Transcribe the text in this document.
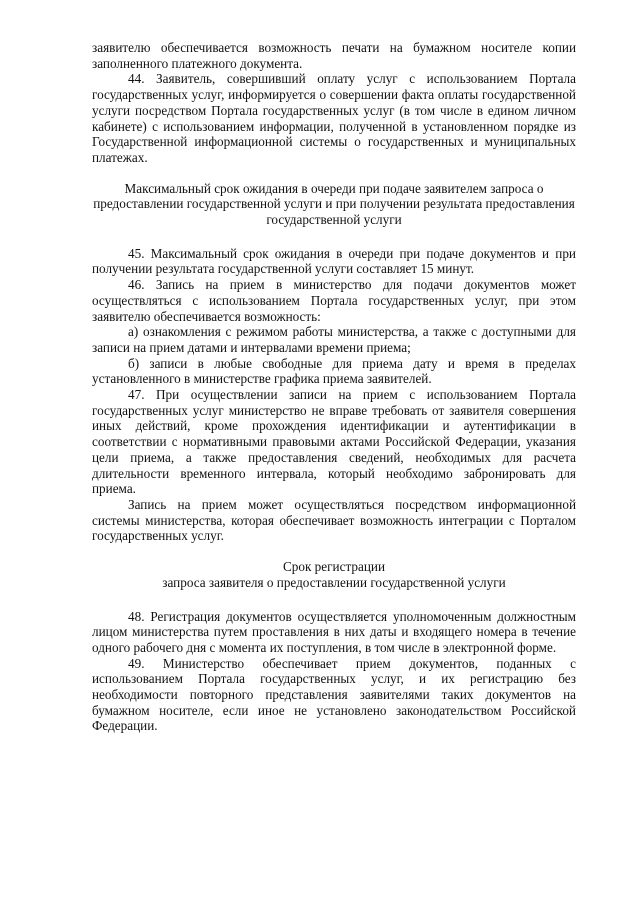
заявителю обеспечивается возможность печати на бумажном носителе копии заполненного платежного документа.

44. Заявитель, совершивший оплату услуг с использованием Портала государственных услуг, информируется о совершении факта оплаты государственной услуги посредством Портала государственных услуг (в том числе в едином личном кабинете) с использованием информации, полученной в установленном порядке из Государственной информационной системы о государственных и муниципальных платежах.

Максимальный срок ожидания в очереди при подаче заявителем запроса о предоставлении государственной услуги и при получении результата предоставления государственной услуги

45. Максимальный срок ожидания в очереди при подаче документов и при получении результата государственной услуги составляет 15 минут.

46. Запись на прием в министерство для подачи документов может осуществляться с использованием Портала государственных услуг, при этом заявителю обеспечивается возможность:

а) ознакомления с режимом работы министерства, а также с доступными для записи на прием датами и интервалами времени приема;

б) записи в любые свободные для приема дату и время в пределах установленного в министерстве графика приема заявителей.

47. При осуществлении записи на прием с использованием Портала государственных услуг министерство не вправе требовать от заявителя совершения иных действий, кроме прохождения идентификации и аутентификации в соответствии с нормативными правовыми актами Российской Федерации, указания цели приема, а также предоставления сведений, необходимых для расчета длительности временного интервала, который необходимо забронировать для приема.

Запись на прием может осуществляться посредством информационной системы министерства, которая обеспечивает возможность интеграции с Порталом государственных услуг.

Срок регистрации

запроса заявителя о предоставлении государственной услуги

48. Регистрация документов осуществляется уполномоченным должностным лицом министерства путем проставления в них даты и входящего номера в течение одного рабочего дня с момента их поступления, в том числе в электронной форме.

49. Министерство обеспечивает прием документов, поданных с использованием Портала государственных услуг, и их регистрацию без необходимости повторного представления заявителями таких документов на бумажном носителе, если иное не установлено законодательством Российской Федерации.
